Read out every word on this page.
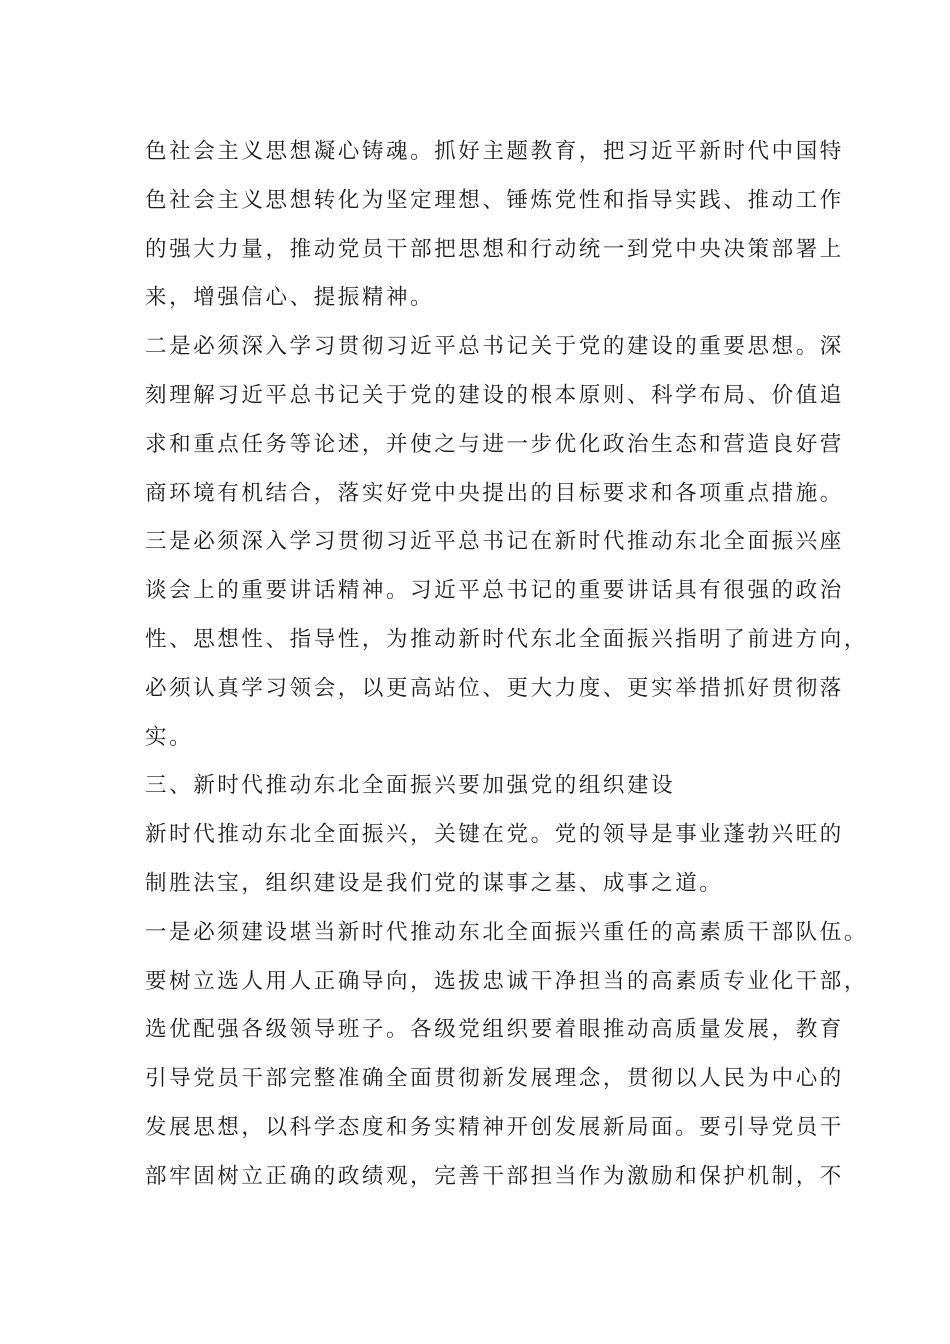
色社会主义思想凝心铸魂。抓好主题教育，把习近平新时代中国特
色社会主义思想转化为坚定理想、锤炼党性和指导实践、推动工作
的强大力量，推动党员干部把思想和行动统一到党中央决策部署上
来，增强信心、提振精神。
二是必须深入学习贯彻习近平总书记关于党的建设的重要思想。深
刻理解习近平总书记关于党的建设的根本原则、科学布局、价值追
求和重点任务等论述，并使之与进一步优化政治生态和营造良好营
商环境有机结合，落实好党中央提出的目标要求和各项重点措施。
三是必须深入学习贯彻习近平总书记在新时代推动东北全面振兴座
谈会上的重要讲话精神。习近平总书记的重要讲话具有很强的政治
性、思想性、指导性，为推动新时代东北全面振兴指明了前进方向，
必须认真学习领会，以更高站位、更大力度、更实举措抓好贯彻落
实。
三、新时代推动东北全面振兴要加强党的组织建设
新时代推动东北全面振兴，关键在党。党的领导是事业蓬勃兴旺的
制胜法宝，组织建设是我们党的谋事之基、成事之道。
一是必须建设堪当新时代推动东北全面振兴重任的高素质干部队伍。
要树立选人用人正确导向，选拔忠诚干净担当的高素质专业化干部，
选优配强各级领导班子。各级党组织要着眼推动高质量发展，教育
引导党员干部完整准确全面贯彻新发展理念，贯彻以人民为中心的
发展思想，以科学态度和务实精神开创发展新局面。要引导党员干
部牢固树立正确的政绩观，完善干部担当作为激励和保护机制，不
